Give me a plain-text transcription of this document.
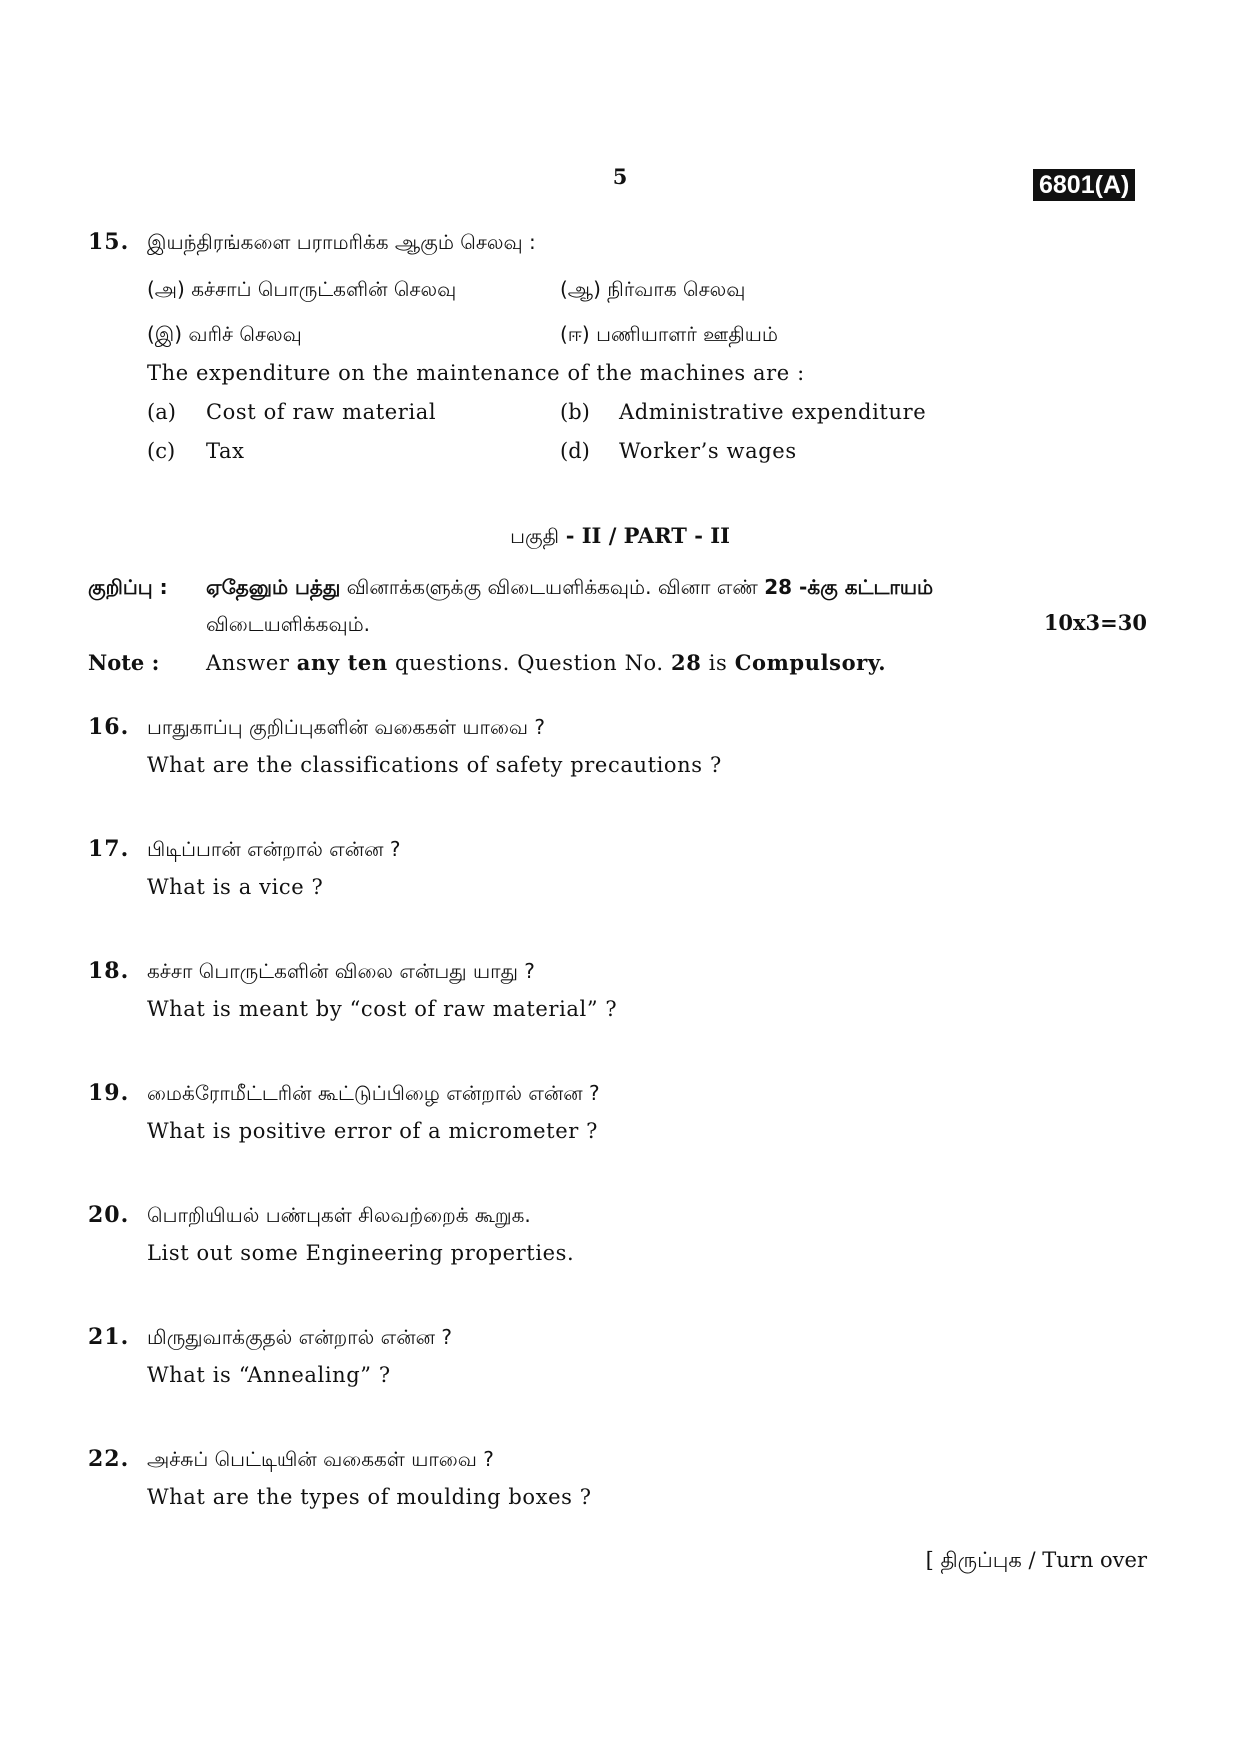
5	6801(A)
15. இயந்திரங்களை பராமரிக்க ஆகும் செலவு :
(அ) கச்சாப் பொருட்களின் செலவு	(ஆ) நிர்வாக செலவு
(இ) வரிச் செலவு	(ஈ) பணியாளர் ஊதியம்
The expenditure on the maintenance of the machines are :
(a) Cost of raw material	(b) Administrative expenditure
(c) Tax	(d) Worker’s wages
பகுதி - II / PART - II
குறிப்பு : ஏதேனும் பத்து வினாக்களுக்கு விடையளிக்கவும். வினா எண் 28 -க்கு கட்டாயம்
விடையளிக்கவும்.	10x3=30
Note : Answer any ten questions. Question No. 28 is Compulsory.
16. பாதுகாப்பு குறிப்புகளின் வகைகள் யாவை ?
What are the classifications of safety precautions ?
17. பிடிப்பான் என்றால் என்ன ?
What is a vice ?
18. கச்சா பொருட்களின் விலை என்பது யாது ?
What is meant by “cost of raw material” ?
19. மைக்ரோமீட்டரின் கூட்டுப்பிழை என்றால் என்ன ?
What is positive error of a micrometer ?
20. பொறியியல் பண்புகள் சிலவற்றைக் கூறுக.
List out some Engineering properties.
21. மிருதுவாக்குதல் என்றால் என்ன ?
What is “Annealing” ?
22. அச்சுப் பெட்டியின் வகைகள் யாவை ?
What are the types of moulding boxes ?
[ திருப்புக / Turn over
